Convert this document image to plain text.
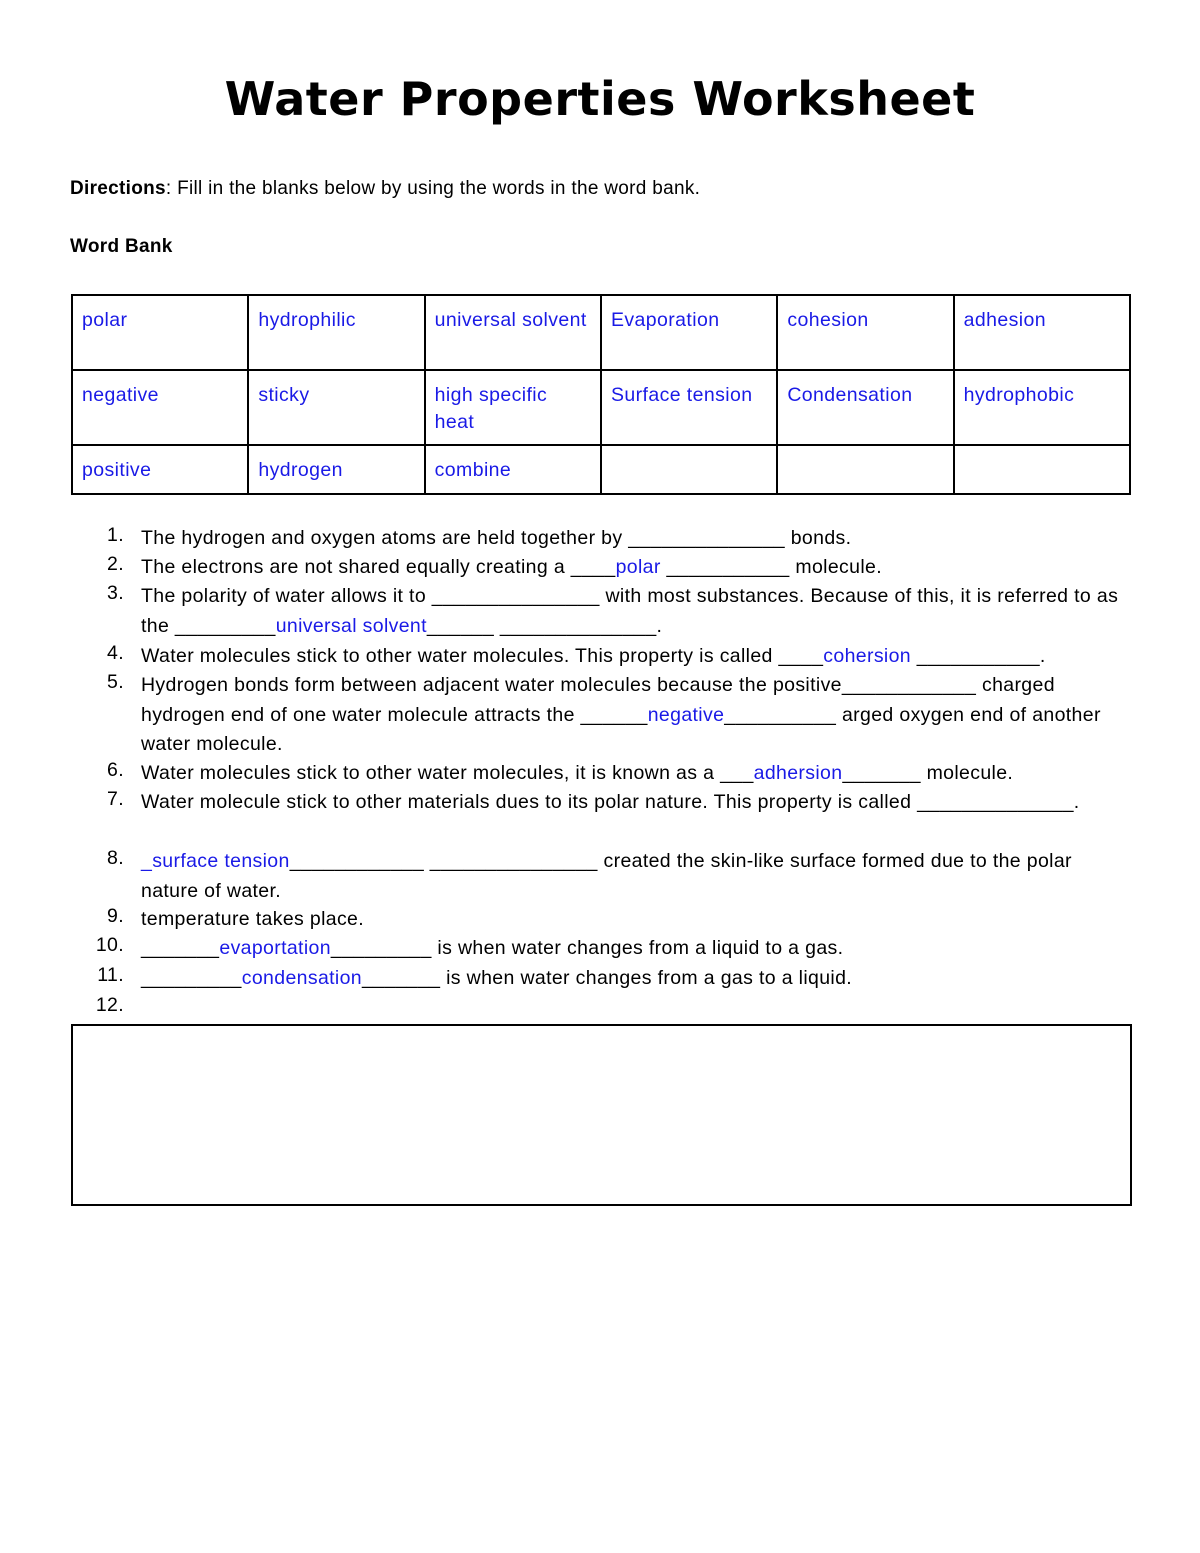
Water Properties Worksheet
Directions: Fill in the blanks below by using the words in the word bank.
Word Bank
polar	hydrophilic	universal solvent	Evaporation	cohesion	adhesion
negative	sticky	high specific heat	Surface tension	Condensation	hydrophobic
positive	hydrogen	combine			
1. The hydrogen and oxygen atoms are held together by ______________ bonds.
2. The electrons are not shared equally creating a ____polar ___________ molecule.
3. The polarity of water allows it to _______________ with most substances. Because of this, it is referred to as the _________universal solvent______ ______________.
4. Water molecules stick to other water molecules. This property is called ____cohersion ___________.
5. Hydrogen bonds form between adjacent water molecules because the positive____________ charged hydrogen end of one water molecule attracts the ______negative__________ arged oxygen end of another water molecule.
6. Water molecules stick to other water molecules, it is known as a ___adhersion_______ molecule.
7. Water molecule stick to other materials dues to its polar nature. This property is called ______________.
8. _surface tension____________ _______________ created the skin-like surface formed due to the polar nature of water.
9. temperature takes place.
10. _______evaportation_________ is when water changes from a liquid to a gas.
11. _________condensation_______ is when water changes from a gas to a liquid.
12.
